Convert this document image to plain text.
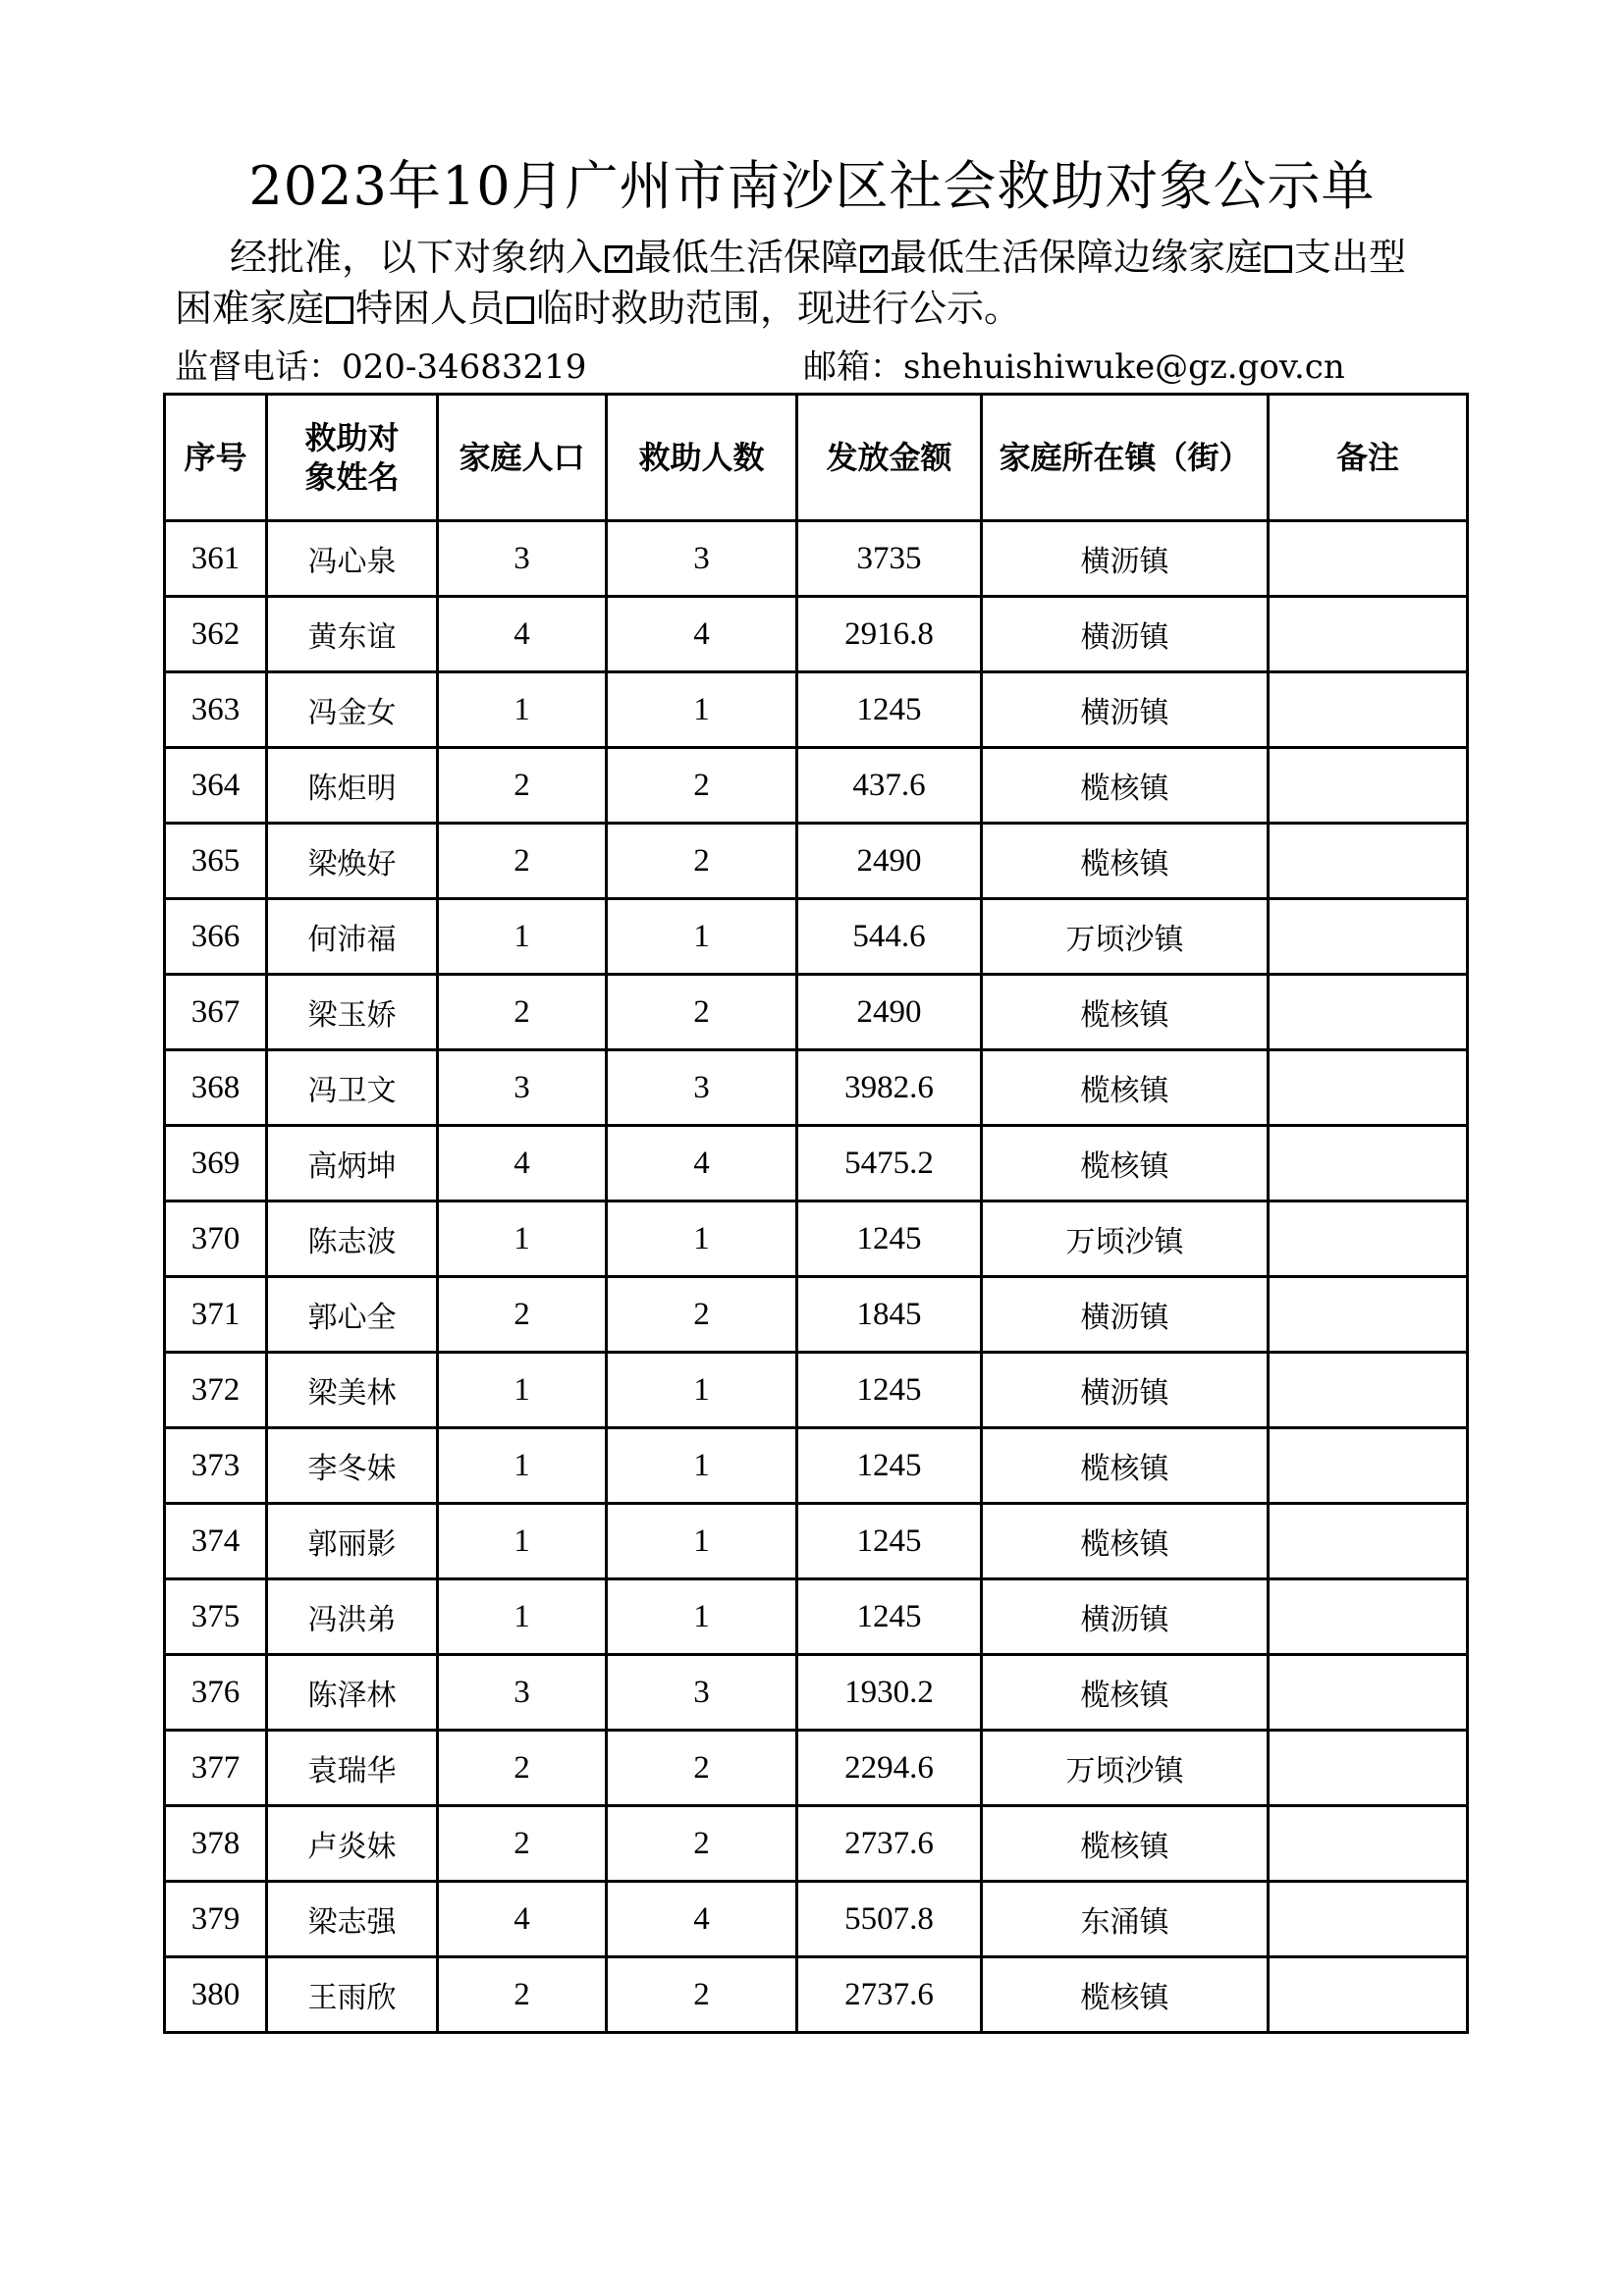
2023年10月广州市南沙区社会救助对象公示单
经批准，以下对象纳入 ✓ 最低生活保障 ✓ 最低生活保障边缘家庭 支出型
困难家庭 特困人员 临时救助范围，现进行公示。
监督电话：020-34683219	邮箱：shehuishiwuke@gz.gov.cn
序号	救助对象姓名	家庭人口	救助人数	发放金额	家庭所在镇（街）	备注
361	冯心泉	3	3	3735	横沥镇	
362	黄东谊	4	4	2916.8	横沥镇	
363	冯金女	1	1	1245	横沥镇	
364	陈炬明	2	2	437.6	榄核镇	
365	梁焕好	2	2	2490	榄核镇	
366	何沛福	1	1	544.6	万顷沙镇	
367	梁玉娇	2	2	2490	榄核镇	
368	冯卫文	3	3	3982.6	榄核镇	
369	高炳坤	4	4	5475.2	榄核镇	
370	陈志波	1	1	1245	万顷沙镇	
371	郭心全	2	2	1845	横沥镇	
372	梁美林	1	1	1245	横沥镇	
373	李冬妹	1	1	1245	榄核镇	
374	郭丽影	1	1	1245	榄核镇	
375	冯洪弟	1	1	1245	横沥镇	
376	陈泽林	3	3	1930.2	榄核镇	
377	袁瑞华	2	2	2294.6	万顷沙镇	
378	卢炎妹	2	2	2737.6	榄核镇	
379	梁志强	4	4	5507.8	东涌镇	
380	王雨欣	2	2	2737.6	榄核镇	
